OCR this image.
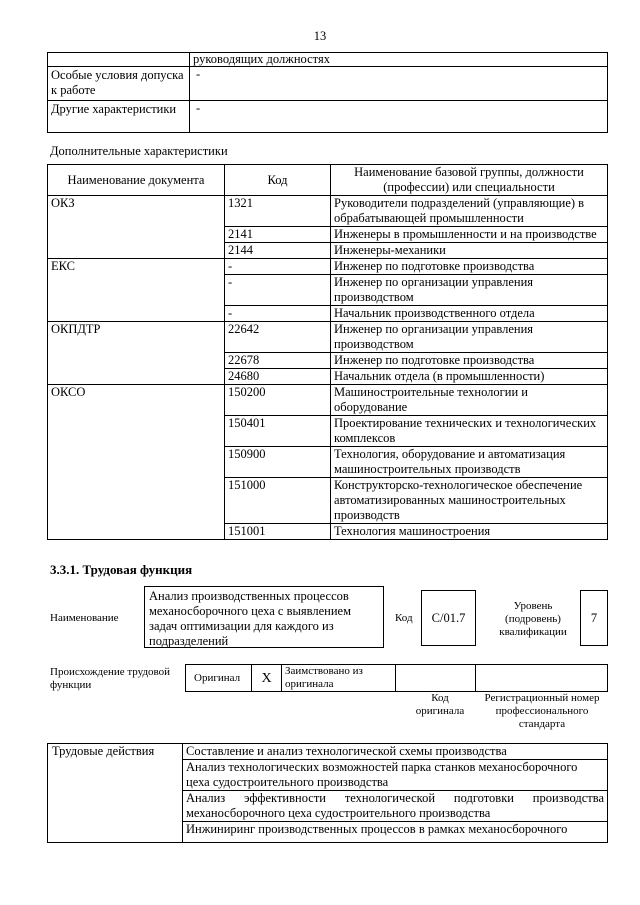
13
	руководящих должностях
Особые условия допуска к работе	-
Другие характеристики	-
Дополнительные характеристики
Наименование документа	Код	Наименование базовой группы, должности (профессии) или специальности
ОКЗ	1321	Руководители подразделений (управляющие) в обрабатывающей промышленности
	2141	Инженеры в промышленности и на производстве
	2144	Инженеры-механики
ЕКС	-	Инженер по подготовке производства
	-	Инженер по организации управления производством
	-	Начальник производственного отдела
ОКПДТР	22642	Инженер по организации управления производством
	22678	Инженер по подготовке производства
	24680	Начальник отдела (в промышленности)
ОКСО	150200	Машиностроительные технологии и оборудование
	150401	Проектирование технических и технологических комплексов
	150900	Технология, оборудование и автоматизация машиностроительных производств
	151000	Конструкторско-технологическое обеспечение автоматизированных машиностроительных производств
	151001	Технология машиностроения
3.3.1. Трудовая функция
Наименование
Анализ производственных процессов механосборочного цеха с выявлением задач оптимизации для каждого из подразделений
Код С/01.7
Уровень (подровень) квалификации
7
Происхождение трудовой функции
Оригинал	Х	Заимствовано из оригинала		
Код оригинала
Регистрационный номер профессионального стандарта
Трудовые действия	Составление и анализ технологической схемы производства
Анализ технологических возможностей парка станков механосборочного цеха судостроительного производства
Анализ эффективности технологической подготовки производства механосборочного цеха судостроительного производства
Инжиниринг производственных процессов в рамках механосборочного
